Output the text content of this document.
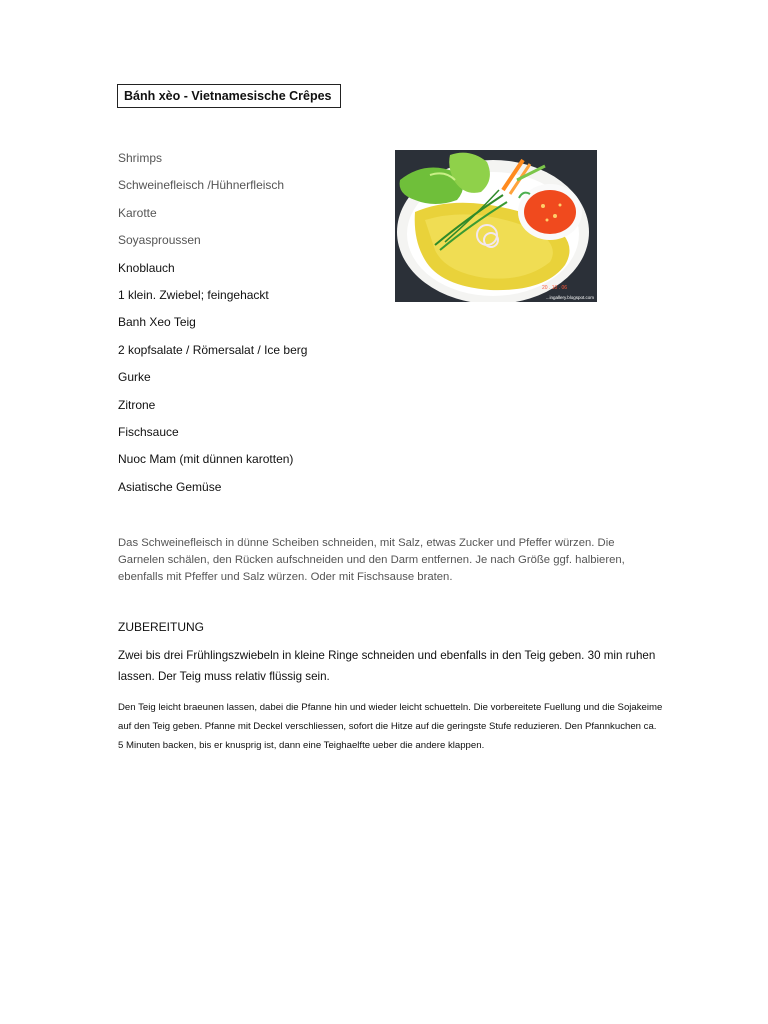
Bánh xèo - Vietnamesische Crêpes
Shrimps
Schweinefleisch /Hühnerfleisch
Karotte
Soyasproussen
Knoblauch
1 klein. Zwiebel; feingehackt
Banh Xeo Teig
2 kopfsalate / Römersalat / Ice berg
Gurke
Zitrone
Fischsauce
Nuoc Mam (mit dünnen karotten)
Asiatische Gemüse
20 . 10 . 06
...ingallery.blogspot.com

Das Schweinefleisch in dünne Scheiben schneiden, mit Salz, etwas Zucker und Pfeffer würzen. Die Garnelen schälen, den Rücken aufschneiden und den Darm entfernen. Je nach Größe ggf. halbieren, ebenfalls mit Pfeffer und Salz würzen. Oder mit Fischsause braten.

ZUBEREITUNG

Zwei bis drei Frühlingszwiebeln in kleine Ringe schneiden und ebenfalls in den Teig geben. 30 min ruhen lassen. Der Teig muss relativ flüssig sein.

Den Teig leicht braeunen lassen, dabei die Pfanne hin und wieder leicht schuetteln. Die vorbereitete Fuellung und die Sojakeime auf den Teig geben. Pfanne mit Deckel verschliessen, sofort die Hitze auf die geringste Stufe reduzieren. Den Pfannkuchen ca. 5 Minuten backen, bis er knusprig ist, dann eine Teighaelfte ueber die andere klappen.
